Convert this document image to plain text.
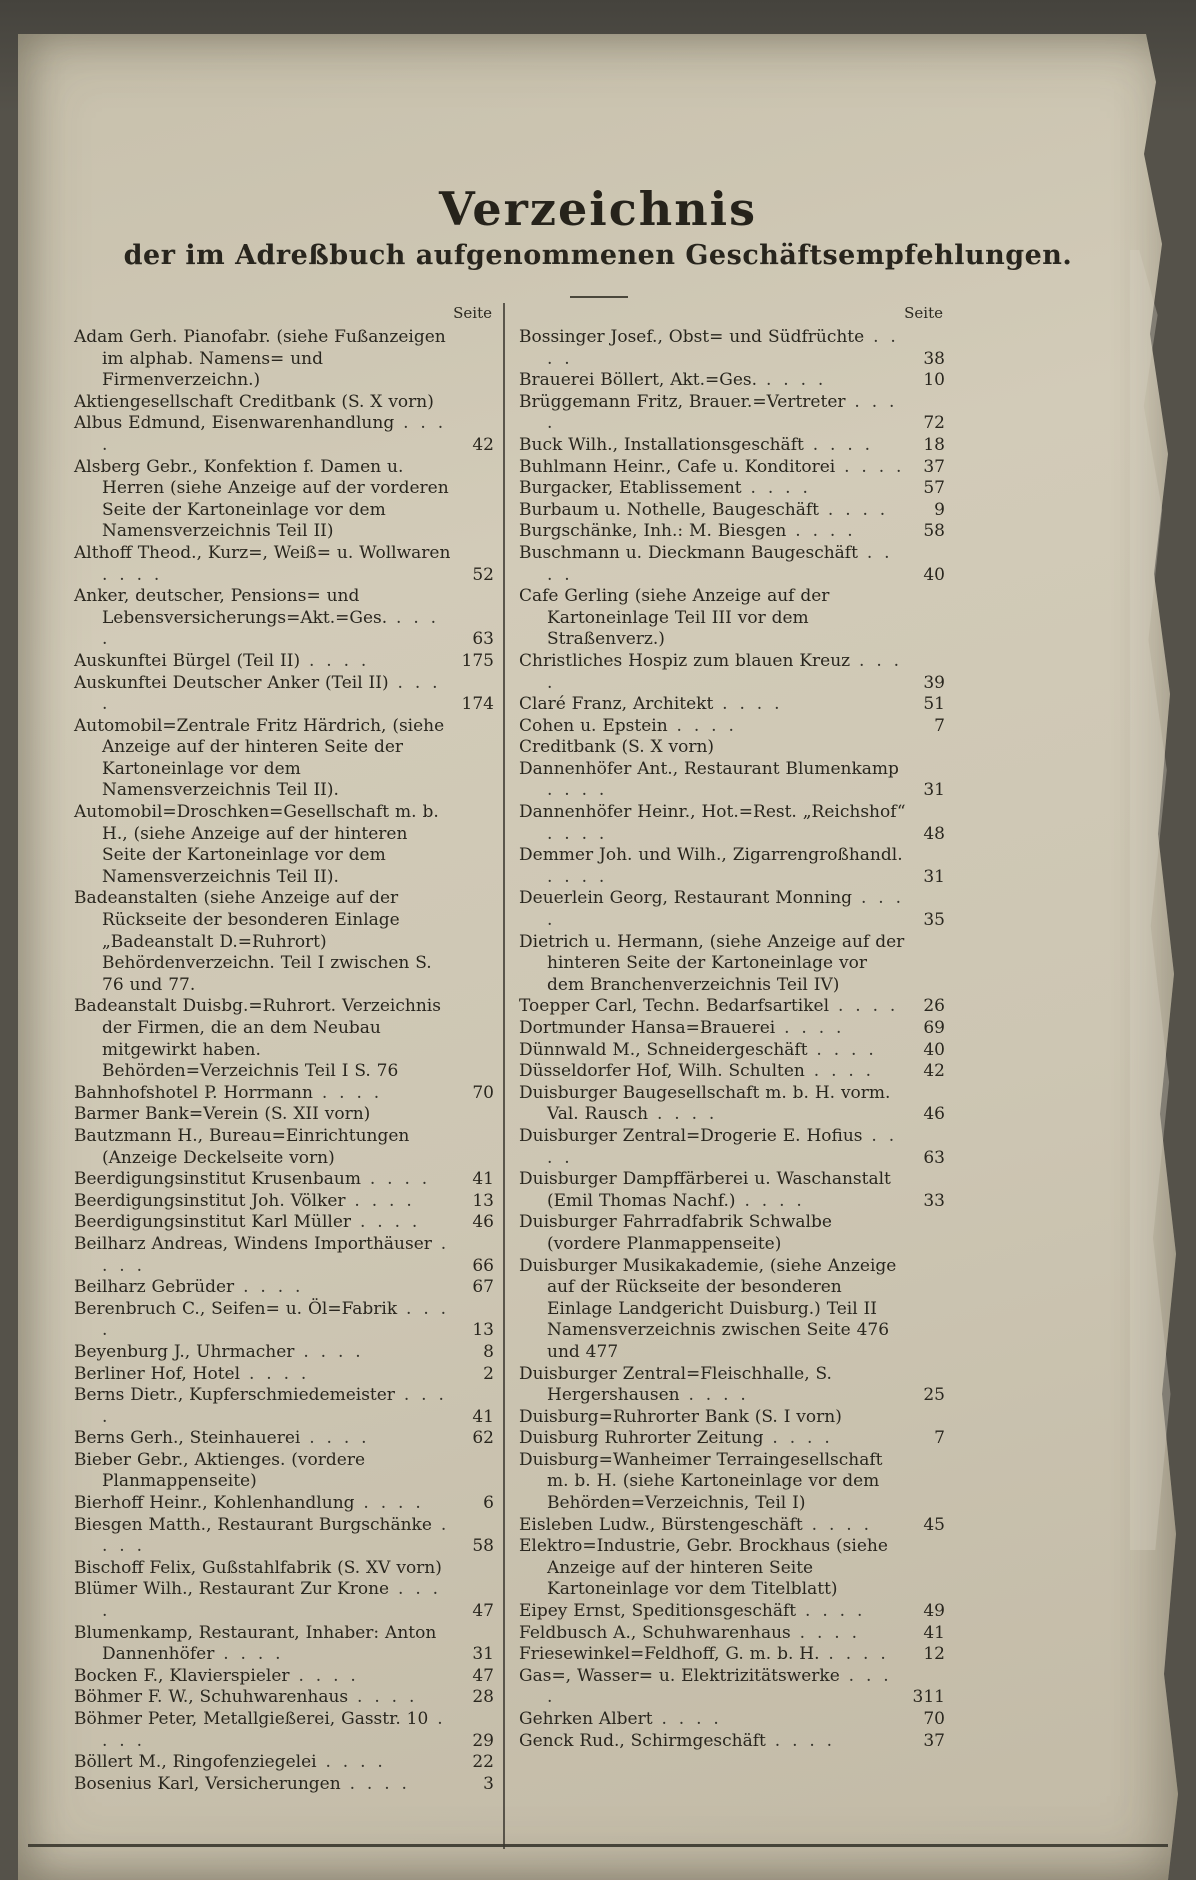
Verzeichnis
der im Adreßbuch aufgenommenen Geschäftsempfehlungen.
Seite
Adam Gerh. Pianofabr. (siehe Fußanzeigen im alphab. Namens= und Firmenverzeichn.)
Aktiengesellschaft Creditbank (S. X vorn)
Albus Edmund, Eisenwarenhandlung . . . .
42
Alsberg Gebr., Konfektion f. Damen u. Herren (siehe Anzeige auf der vorderen Seite der Kartoneinlage vor dem Namensverzeichnis Teil II)
Althoff Theod., Kurz=, Weiß= u. Wollwaren . . . .
52
Anker, deutscher, Pensions= und Lebensversicherungs=Akt.=Ges. . . . .
63
Auskunftei Bürgel (Teil II) . . . .	175
Auskunftei Deutscher Anker (Teil II) . . . .
174
Automobil=Zentrale Fritz Härdrich, (siehe Anzeige auf der hinteren Seite der Kartoneinlage vor dem Namensverzeichnis Teil II).
Automobil=Droschken=Gesellschaft m. b. H., (siehe Anzeige auf der hinteren Seite der Kartoneinlage vor dem Namensverzeichnis Teil II).
Badeanstalten (siehe Anzeige auf der Rückseite der besonderen Einlage „Badeanstalt D.=Ruhrort) Behördenverzeichn. Teil I zwischen S. 76 und 77.
Badeanstalt Duisbg.=Ruhrort. Verzeichnis der Firmen, die an dem Neubau mitgewirkt haben. Behörden=Verzeichnis Teil I S. 76
Bahnhofshotel P. Horrmann . . . .	70
Barmer Bank=Verein (S. XII vorn)
Bautzmann H., Bureau=Einrichtungen (Anzeige Deckelseite vorn)
Beerdigungsinstitut Krusenbaum . . . .	41
Beerdigungsinstitut Joh. Völker . . . .	13
Beerdigungsinstitut Karl Müller . . . .	46
Beilharz Andreas, Windens Importhäuser . . . .
66
Beilharz Gebrüder . . . .	67
Berenbruch C., Seifen= u. Öl=Fabrik . . . .
13
Beyenburg J., Uhrmacher . . . .	8
Berliner Hof, Hotel . . . .	2
Berns Dietr., Kupferschmiedemeister . . . .
41
Berns Gerh., Steinhauerei . . . .	62
Bieber Gebr., Aktienges. (vordere Planmappenseite)
Bierhoff Heinr., Kohlenhandlung . . . .	6
Biesgen Matth., Restaurant Burgschänke . . . .
58
Bischoff Felix, Gußstahlfabrik (S. XV vorn)
Blümer Wilh., Restaurant Zur Krone . . . .
47
Blumenkamp, Restaurant, Inhaber: Anton Dannenhöfer . . . .	31
Bocken F., Klavierspieler . . . .	47
Böhmer F. W., Schuhwarenhaus . . . .	28
Böhmer Peter, Metallgießerei, Gasstr. 10 . . . .
29
Böllert M., Ringofenziegelei . . . .	22
Bosenius Karl, Versicherungen . . . .	3
Seite
Bossinger Josef., Obst= und Südfrüchte . . . .
38
Brauerei Böllert, Akt.=Ges. . . . .	10
Brüggemann Fritz, Brauer.=Vertreter . . . .
72
Buck Wilh., Installationsgeschäft . . . .	18
Buhlmann Heinr., Cafe u. Konditorei . . . .	37
Burgacker, Etablissement . . . .	57
Burbaum u. Nothelle, Baugeschäft . . . .	9
Burgschänke, Inh.: M. Biesgen . . . .	58
Buschmann u. Dieckmann Baugeschäft . . . .
40
Cafe Gerling (siehe Anzeige auf der Kartoneinlage Teil III vor dem Straßenverz.)
Christliches Hospiz zum blauen Kreuz . . . .
39
Claré Franz, Architekt . . . .	51
Cohen u. Epstein . . . .	7
Creditbank (S. X vorn)
Dannenhöfer Ant., Restaurant Blumenkamp . . . .
31
Dannenhöfer Heinr., Hot.=Rest. „Reichshof“ . . . .
48
Demmer Joh. und Wilh., Zigarrengroßhandl. . . . .
31
Deuerlein Georg, Restaurant Monning . . . .
35
Dietrich u. Hermann, (siehe Anzeige auf der hinteren Seite der Kartoneinlage vor dem Branchenverzeichnis Teil IV)
Toepper Carl, Techn. Bedarfsartikel . . . .	26
Dortmunder Hansa=Brauerei . . . .	69
Dünnwald M., Schneidergeschäft . . . .	40
Düsseldorfer Hof, Wilh. Schulten . . . .	42
Duisburger Baugesellschaft m. b. H. vorm. Val. Rausch . . . .	46
Duisburger Zentral=Drogerie E. Hofius . . . .
63
Duisburger Dampffärberei u. Waschanstalt (Emil Thomas Nachf.) . . . .	33
Duisburger Fahrradfabrik Schwalbe (vordere Planmappenseite)
Duisburger Musikakademie, (siehe Anzeige auf der Rückseite der besonderen Einlage Landgericht Duisburg.) Teil II Namensverzeichnis zwischen Seite 476 und 477
Duisburger Zentral=Fleischhalle, S. Hergershausen . . . .	25
Duisburg=Ruhrorter Bank (S. I vorn)
Duisburg Ruhrorter Zeitung . . . .	7
Duisburg=Wanheimer Terraingesellschaft m. b. H. (siehe Kartoneinlage vor dem Behörden=Verzeichnis, Teil I)
Eisleben Ludw., Bürstengeschäft . . . .	45
Elektro=Industrie, Gebr. Brockhaus (siehe Anzeige auf der hinteren Seite Kartoneinlage vor dem Titelblatt)
Eipey Ernst, Speditionsgeschäft . . . .	49
Feldbusch A., Schuhwarenhaus . . . .	41
Friesewinkel=Feldhoff, G. m. b. H. . . . .	12
Gas=, Wasser= u. Elektrizitätswerke . . . .
311
Gehrken Albert . . . .	70
Genck Rud., Schirmgeschäft . . . .	37
